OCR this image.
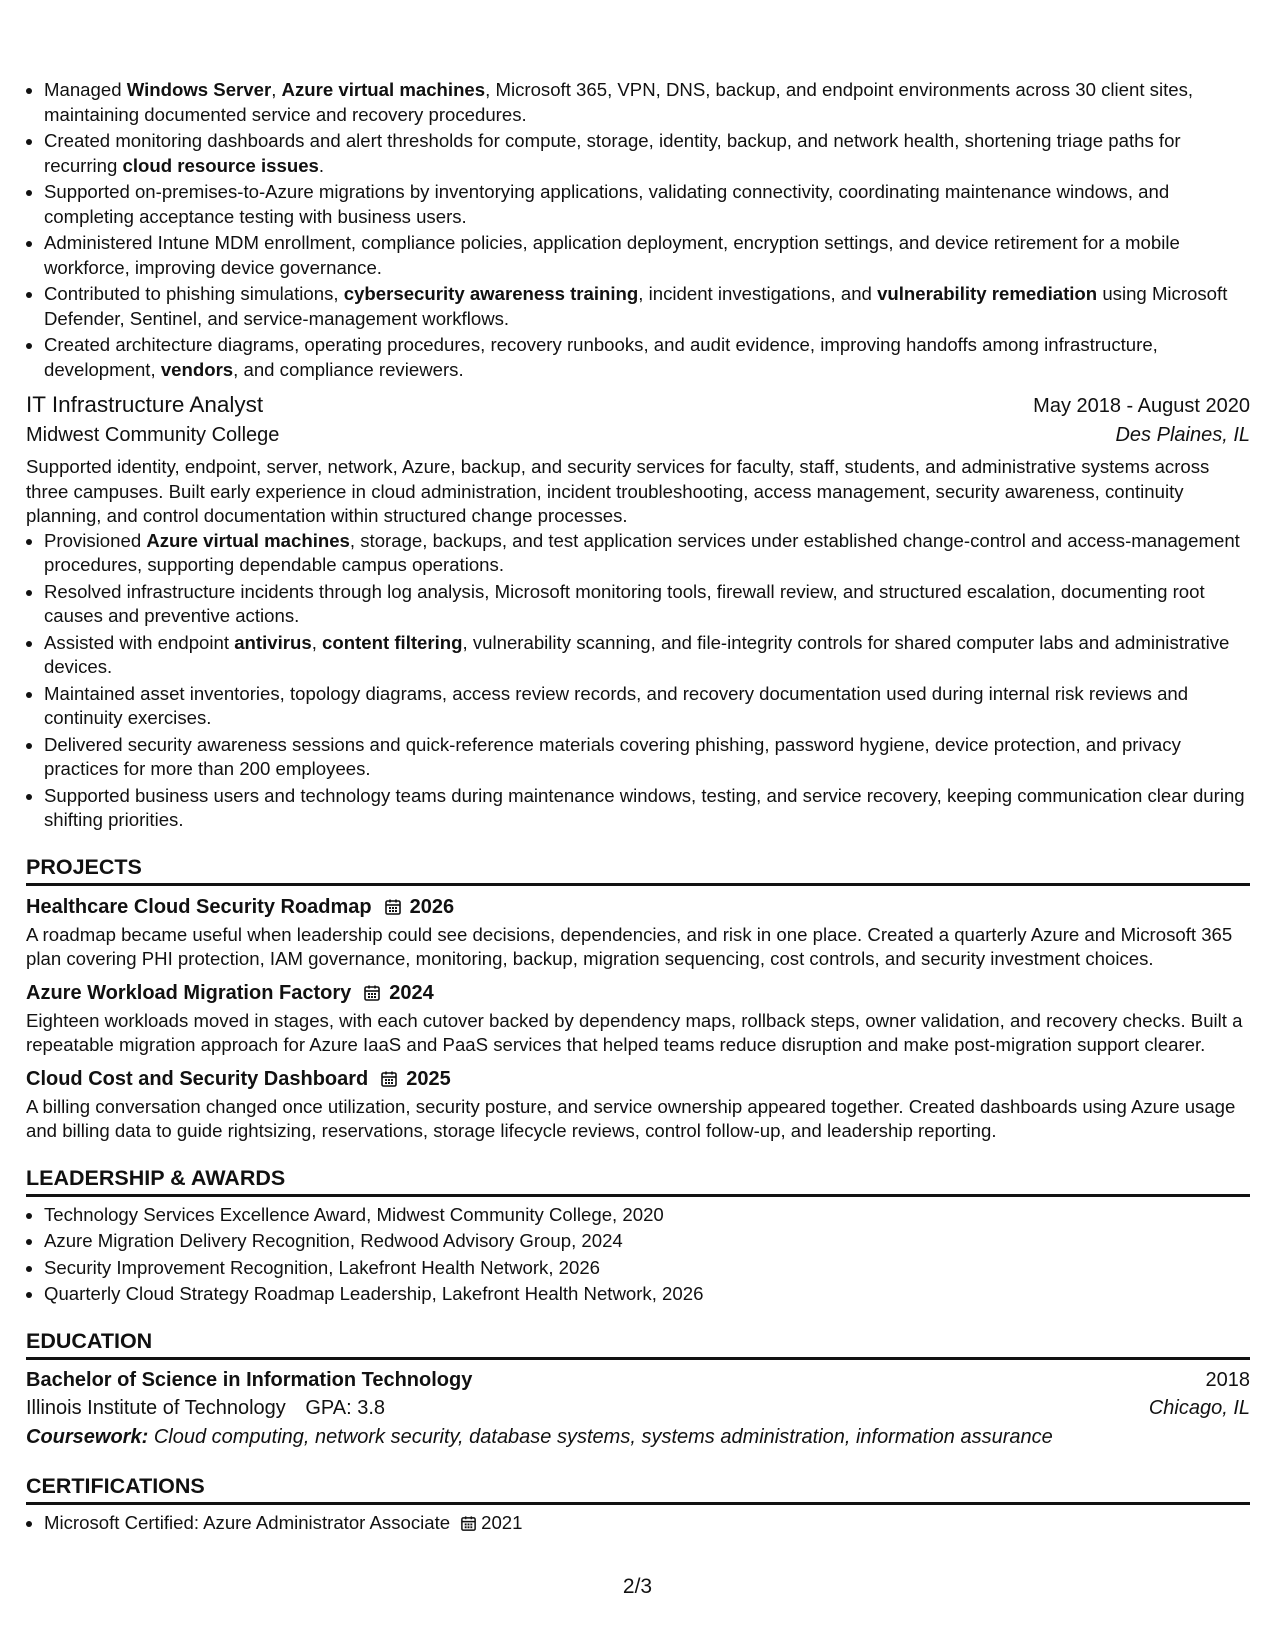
• Managed Windows Server, Azure virtual machines, Microsoft 365, VPN, DNS, backup, and endpoint environments across 30 client sites, maintaining documented service and recovery procedures.
• Created monitoring dashboards and alert thresholds for compute, storage, identity, backup, and network health, shortening triage paths for recurring cloud resource issues.
• Supported on-premises-to-Azure migrations by inventorying applications, validating connectivity, coordinating maintenance windows, and completing acceptance testing with business users.
• Administered Intune MDM enrollment, compliance policies, application deployment, encryption settings, and device retirement for a mobile workforce, improving device governance.
• Contributed to phishing simulations, cybersecurity awareness training, incident investigations, and vulnerability remediation using Microsoft Defender, Sentinel, and service-management workflows.
• Created architecture diagrams, operating procedures, recovery runbooks, and audit evidence, improving handoffs among infrastructure, development, vendors, and compliance reviewers.
IT Infrastructure Analyst	May 2018 - August 2020
Midwest Community College	Des Plaines, IL

Supported identity, endpoint, server, network, Azure, backup, and security services for faculty, staff, students, and administrative systems across three campuses. Built early experience in cloud administration, incident troubleshooting, access management, security awareness, continuity planning, and control documentation within structured change processes.

• Provisioned Azure virtual machines, storage, backups, and test application services under established change-control and access-management procedures, supporting dependable campus operations.
• Resolved infrastructure incidents through log analysis, Microsoft monitoring tools, firewall review, and structured escalation, documenting root causes and preventive actions.
• Assisted with endpoint antivirus, content filtering, vulnerability scanning, and file-integrity controls for shared computer labs and administrative devices.
• Maintained asset inventories, topology diagrams, access review records, and recovery documentation used during internal risk reviews and continuity exercises.
• Delivered security awareness sessions and quick-reference materials covering phishing, password hygiene, device protection, and privacy practices for more than 200 employees.
• Supported business users and technology teams during maintenance windows, testing, and service recovery, keeping communication clear during shifting priorities.
PROJECTS
Healthcare Cloud Security Roadmap 2026

A roadmap became useful when leadership could see decisions, dependencies, and risk in one place. Created a quarterly Azure and Microsoft 365 plan covering PHI protection, IAM governance, monitoring, backup, migration sequencing, cost controls, and security investment choices.

Azure Workload Migration Factory 2024

Eighteen workloads moved in stages, with each cutover backed by dependency maps, rollback steps, owner validation, and recovery checks. Built a repeatable migration approach for Azure IaaS and PaaS services that helped teams reduce disruption and make post-migration support clearer.

Cloud Cost and Security Dashboard 2025

A billing conversation changed once utilization, security posture, and service ownership appeared together. Created dashboards using Azure usage and billing data to guide rightsizing, reservations, storage lifecycle reviews, control follow-up, and leadership reporting.

LEADERSHIP & AWARDS
• Technology Services Excellence Award, Midwest Community College, 2020
• Azure Migration Delivery Recognition, Redwood Advisory Group, 2024
• Security Improvement Recognition, Lakefront Health Network, 2026
• Quarterly Cloud Strategy Roadmap Leadership, Lakefront Health Network, 2026
EDUCATION
Bachelor of Science in Information Technology	2018
Illinois Institute of Technology GPA: 3.8	Chicago, IL
Coursework: Cloud computing, network security, database systems, systems administration, information assurance
CERTIFICATIONS
• Microsoft Certified: Azure Administrator Associate 2021
2/3
